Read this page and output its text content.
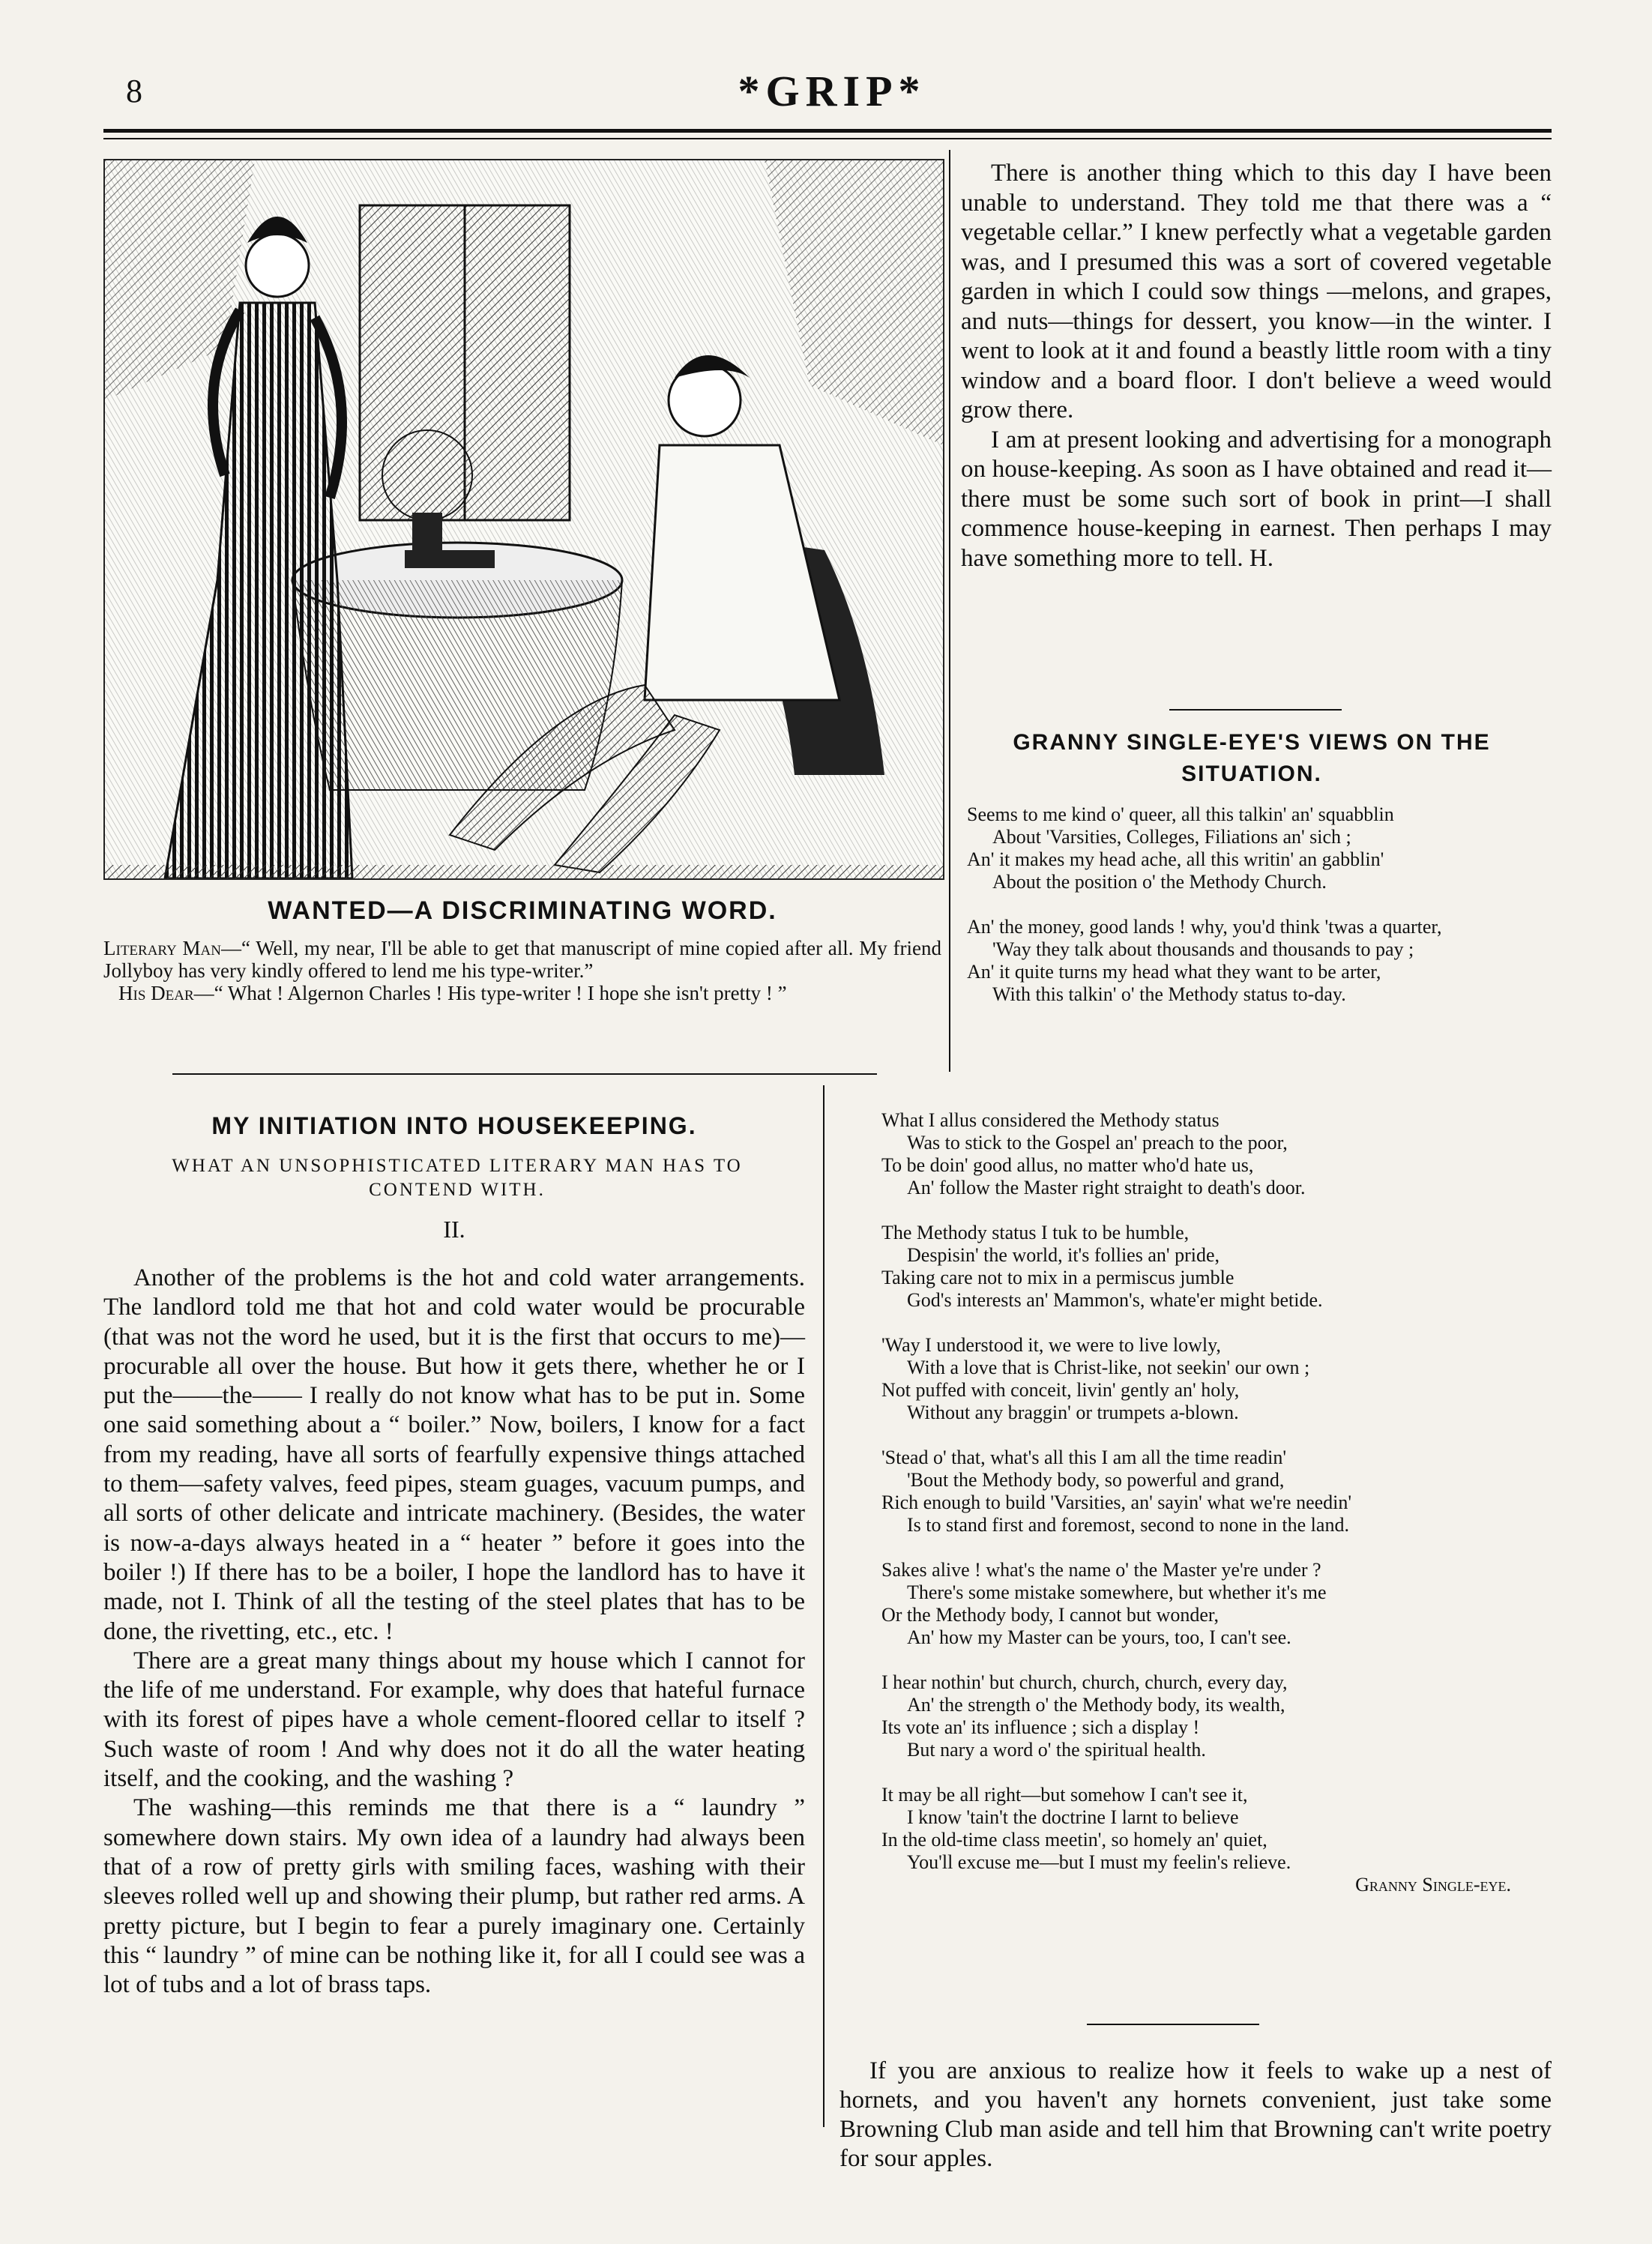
8	*GRIP*
WANTED—A DISCRIMINATING WORD.

Literary Man—“ Well, my near, I'll be able to get that manuscript of mine copied after all. My friend Jollyboy has very kindly offered to lend me his type-writer.”

His Dear—“ What ! Algernon Charles ! His type-writer ! I hope she isn't pretty ! ”

There is another thing which to this day I have been unable to understand. They told me that there was a “ vegetable cellar.” I knew perfectly what a vegetable garden was, and I presumed this was a sort of covered vegetable garden in which I could sow things —melons, and grapes, and nuts—things for dessert, you know—in the winter. I went to look at it and found a beastly little room with a tiny window and a board floor. I don't believe a weed would grow there.

I am at present looking and advertising for a monograph on house-keeping. As soon as I have obtained and read it—there must be some such sort of book in print—I shall commence house-keeping in earnest. Then perhaps I may have something more to tell. H.

GRANNY SINGLE-EYE'S VIEWS ON THE
SITUATION.
Seems to me kind o' queer, all this talkin' an' squabblin
About 'Varsities, Colleges, Filiations an' sich ;
An' it makes my head ache, all this writin' an gabblin'
About the position o' the Methody Church.
An' the money, good lands ! why, you'd think 'twas a quarter,
'Way they talk about thousands and thousands to pay ;
An' it quite turns my head what they want to be arter,
With this talkin' o' the Methody status to-day.
What I allus considered the Methody status
Was to stick to the Gospel an' preach to the poor,
To be doin' good allus, no matter who'd hate us,
An' follow the Master right straight to death's door.
The Methody status I tuk to be humble,
Despisin' the world, it's follies an' pride,
Taking care not to mix in a permiscus jumble
God's interests an' Mammon's, whate'er might betide.
'Way I understood it, we were to live lowly,
With a love that is Christ-like, not seekin' our own ;
Not puffed with conceit, livin' gently an' holy,
Without any braggin' or trumpets a-blown.
'Stead o' that, what's all this I am all the time readin'
'Bout the Methody body, so powerful and grand,
Rich enough to build 'Varsities, an' sayin' what we're needin'
Is to stand first and foremost, second to none in the land.
Sakes alive ! what's the name o' the Master ye're under ?
There's some mistake somewhere, but whether it's me
Or the Methody body, I cannot but wonder,
An' how my Master can be yours, too, I can't see.
I hear nothin' but church, church, church, every day,
An' the strength o' the Methody body, its wealth,
Its vote an' its influence ; sich a display !
But nary a word o' the spiritual health.
It may be all right—but somehow I can't see it,
I know 'tain't the doctrine I larnt to believe
In the old-time class meetin', so homely an' quiet,
You'll excuse me—but I must my feelin's relieve.
Granny Single-eye.
MY INITIATION INTO HOUSEKEEPING.
WHAT AN UNSOPHISTICATED LITERARY MAN HAS TO CONTEND WITH.
II.

Another of the problems is the hot and cold water arrangements. The landlord told me that hot and cold water would be procurable (that was not the word he used, but it is the first that occurs to me)—procurable all over the house. But how it gets there, whether he or I put the——the—— I really do not know what has to be put in. Some one said something about a “ boiler.” Now, boilers, I know for a fact from my reading, have all sorts of fearfully expensive things attached to them—safety valves, feed pipes, steam guages, vacuum pumps, and all sorts of other delicate and intricate machinery. (Besides, the water is now-a-days always heated in a “ heater ” before it goes into the boiler !) If there has to be a boiler, I hope the landlord has to have it made, not I. Think of all the testing of the steel plates that has to be done, the rivetting, etc., etc. !

There are a great many things about my house which I cannot for the life of me understand. For example, why does that hateful furnace with its forest of pipes have a whole cement-floored cellar to itself ? Such waste of room ! And why does not it do all the water heating itself, and the cooking, and the washing ?

The washing—this reminds me that there is a “ laundry ” somewhere down stairs. My own idea of a laundry had always been that of a row of pretty girls with smiling faces, washing with their sleeves rolled well up and showing their plump, but rather red arms. A pretty picture, but I begin to fear a purely imaginary one. Certainly this “ laundry ” of mine can be nothing like it, for all I could see was a lot of tubs and a lot of brass taps.

If you are anxious to realize how it feels to wake up a nest of hornets, and you haven't any hornets convenient, just take some Browning Club man aside and tell him that Browning can't write poetry for sour apples.
